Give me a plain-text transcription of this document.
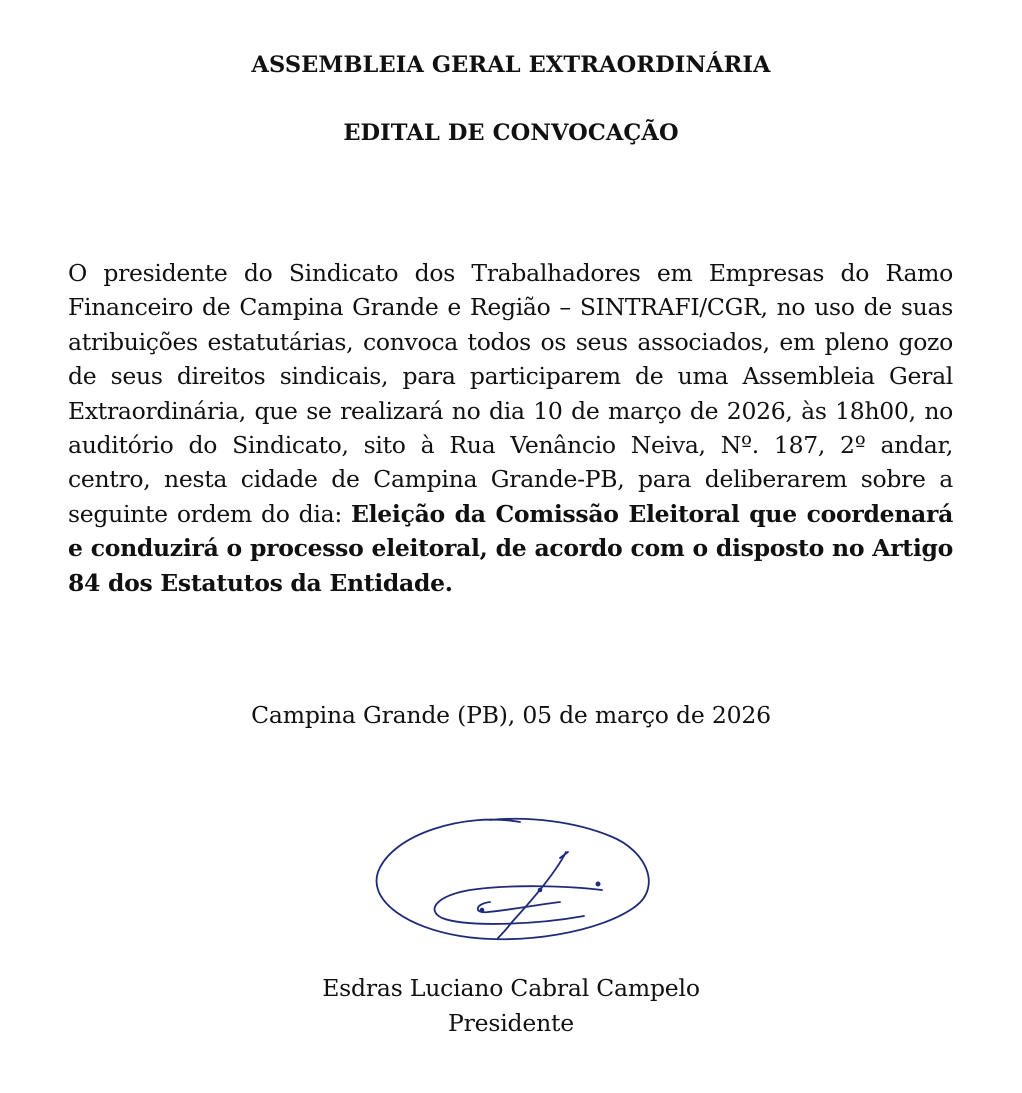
ASSEMBLEIA GERAL EXTRAORDINÁRIA
EDITAL DE CONVOCAÇÃO

O presidente do Sindicato dos Trabalhadores em Empresas do Ramo Financeiro de Campina Grande e Região – SINTRAFI/CGR, no uso de suas atribuições estatutárias, convoca todos os seus associados, em pleno gozo de seus direitos sindicais, para participarem de uma Assembleia Geral Extraordinária, que se realizará no dia 10 de março de 2026, às 18h00, no auditório do Sindicato, sito à Rua Venâncio Neiva, Nº. 187, 2º andar, centro, nesta cidade de Campina Grande-PB, para deliberarem sobre a seguinte ordem do dia: Eleição da Comissão Eleitoral que coordenará e conduzirá o processo eleitoral, de acordo com o disposto no Artigo 84 dos Estatutos da Entidade.

Campina Grande (PB), 05 de março de 2026

Esdras Luciano Cabral Campelo

Presidente
